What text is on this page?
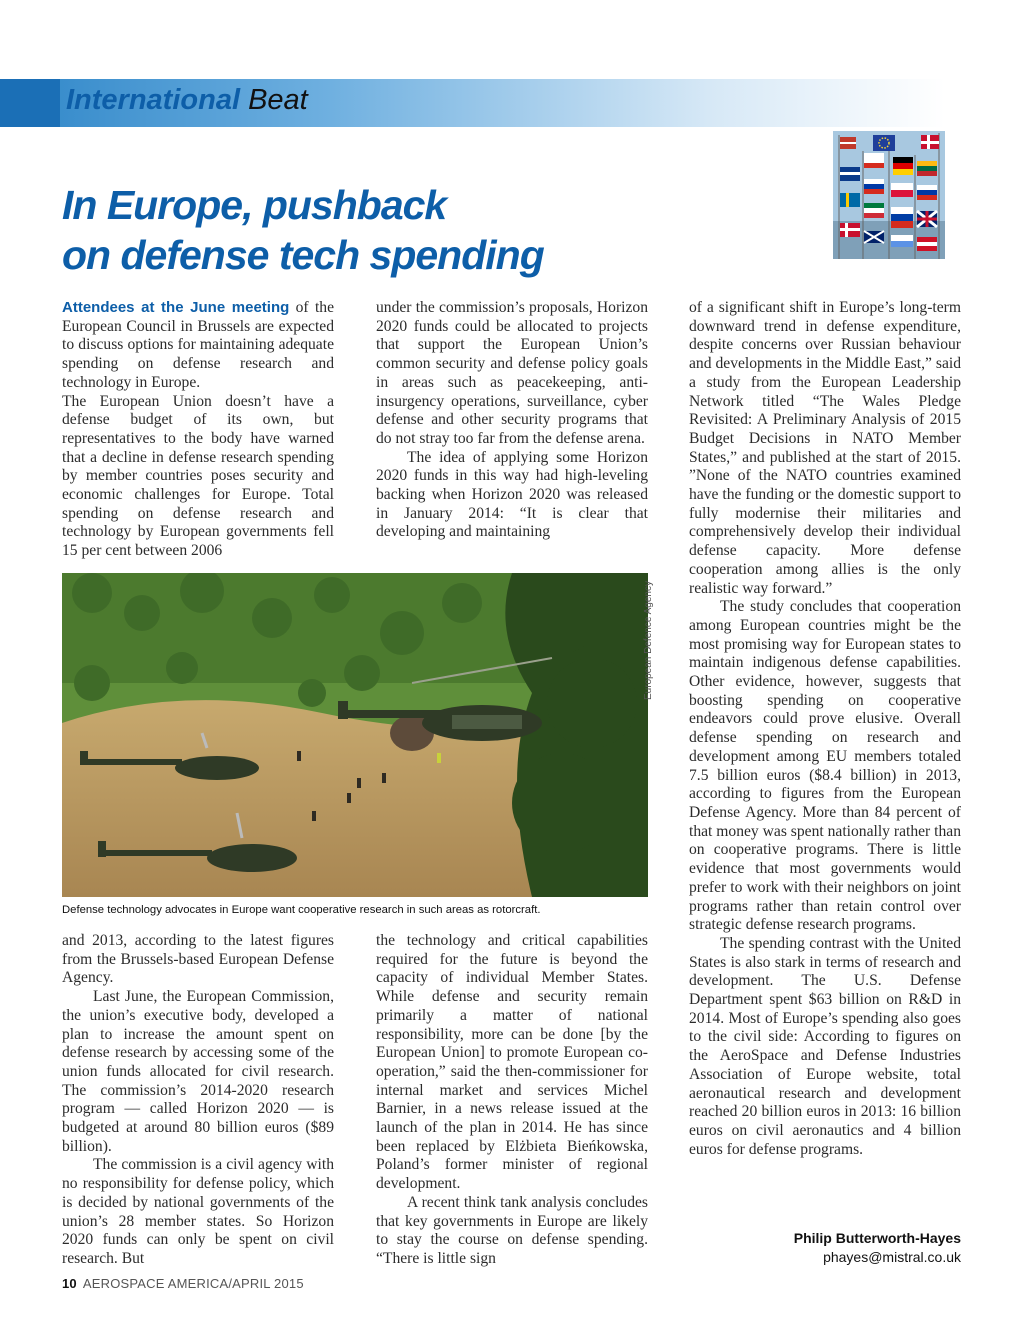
International Beat
In Europe, pushback
on defense tech spending

Attendees at the June meeting of the European Council in Brussels are expected to discuss options for maintaining adequate spending on defense research and technology in Europe.

The European Union doesn’t have a defense budget of its own, but representatives to the body have warned that a decline in defense research spending by member countries poses security and economic challenges for Europe. Total spending on defense research and technology by European governments fell 15 per cent between 2006

under the commission’s proposals, Horizon 2020 funds could be allocated to projects that support the European Union’s common security and defense policy goals in areas such as peacekeeping, anti-insurgency operations, surveillance, cyber defense and other security programs that do not stray too far from the defense arena.

The idea of applying some Horizon 2020 funds in this way had high-leveling backing when Horizon 2020 was released in January 2014: “It is clear that developing and maintaining

of a significant shift in Europe’s long-term downward trend in defense expenditure, despite concerns over Russian behaviour and developments in the Middle East,” said a study from the European Leadership Network titled “The Wales Pledge Revisited: A Preliminary Analysis of 2015 Budget Decisions in NATO Member States,” and published at the start of 2015. ”None of the NATO countries examined have the funding or the domestic support to fully modernise their militaries and comprehensively develop their individual defense capacity. More defense cooperation among allies is the only realistic way forward.”

The study concludes that cooperation among European countries might be the most promising way for European states to maintain indigenous defense capabilities. Other evidence, however, suggests that boosting spending on cooperative endeavors could prove elusive. Overall defense spending on research and development among EU members totaled 7.5 billion euros ($8.4 billion) in 2013, according to figures from the European Defense Agency. More than 84 percent of that money was spent nationally rather than on cooperative programs. There is little evidence that most governments would prefer to work with their neighbors on joint programs rather than retain control over strategic defense research programs.

The spending contrast with the United States is also stark in terms of research and development. The U.S. Defense Department spent $63 billion on R&D in 2014. Most of Europe’s spending also goes to the civil side: According to figures on the AeroSpace and Defense Industries Association of Europe website, total aeronautical research and development reached 20 billion euros in 2013: 16 billion euros on civil aeronautics and 4 billion euros for defense programs.

European Defence Agency
Defense technology advocates in Europe want cooperative research in such areas as rotorcraft.

and 2013, according to the latest figures from the Brussels-based European Defense Agency.

Last June, the European Commission, the union’s executive body, developed a plan to increase the amount spent on defense research by accessing some of the union funds allocated for civil research. The commission’s 2014-2020 research program — called Horizon 2020 — is budgeted at around 80 billion euros ($89 billion).

The commission is a civil agency with no responsibility for defense policy, which is decided by national governments of the union’s 28 member states. So Horizon 2020 funds can only be spent on civil research. But

the technology and critical capabilities required for the future is beyond the capacity of individual Member States. While defense and security remain primarily a matter of national responsibility, more can be done [by the European Union] to promote European co-operation,” said the then-commissioner for internal market and services Michel Barnier, in a news release issued at the launch of the plan in 2014. He has since been replaced by Elżbieta Bieńkowska, Poland’s former minister of regional development.

A recent think tank analysis concludes that key governments in Europe are likely to stay the course on defense spending. “There is little sign

Philip Butterworth-Hayes
phayes@mistral.co.uk
10 AEROSPACE AMERICA/APRIL 2015
